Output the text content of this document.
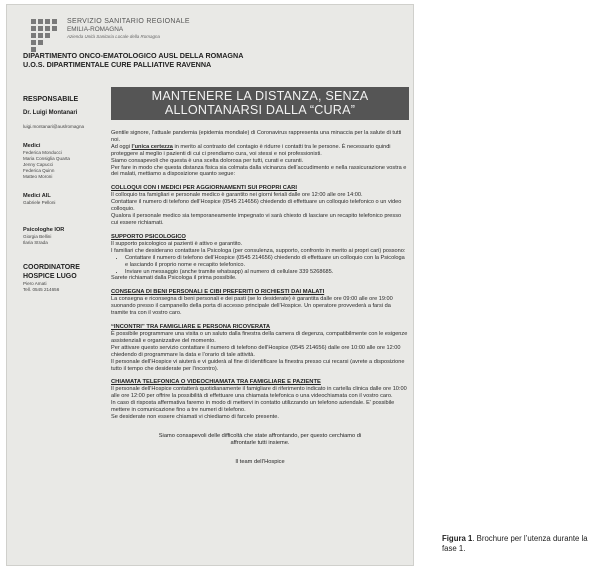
SERVIZIO SANITARIO REGIONALE
EMILIA-ROMAGNA
Azienda Unità Sanitaria Locale della Romagna
DIPARTIMENTO ONCO-EMATOLOGICO AUSL DELLA ROMAGNA
U.O.S. DIPARTIMENTALE CURE PALLIATIVE RAVENNA
RESPONSABILE
Dr. Luigi Montanari
luigi.montanari@auslromagna
Medici
Federica Monducci
Maria Consiglia Quarta
Jenny Capucci
Federica Quinn
Matteo Moroni
Medici AIL
Gabriele Pelloni
Psicologhe IOR
Giorgia Bellini
Ilaria Strada
COORDINATORE
HOSPICE LUGO
Piero Amati
Tell. 0545 214656
MANTENERE LA DISTANZA, SENZA
ALLONTANARSI DALLA “CURA”
Gentile signore, l’attuale pandemia (epidemia mondiale) di Coronavirus rappresenta una minaccia per la salute di tutti noi.
Ad oggi l’unica certezza in merito al contrasto del contagio è ridurre i contatti tra le persone. È necessario quindi proteggere al meglio i pazienti di cui ci prendiamo cura, voi stessi e noi professionisti.
Siamo consapevoli che questa è una scelta dolorosa per tutti, curati e curanti.
Per fare in modo che questa distanza fisica sia colmata dalla vicinanza dell’accudimento e nella rassicurazione vostra e dei malati, mettiamo a disposizione quanto segue:
COLLOQUI CON I MEDICI PER AGGIORNAMENTI SUI PROPRI CARI
Il colloquio tra famigliari e personale medico è garantito nei giorni feriali dalle ore 12:00 alle ore 14:00.
Contattare il numero di telefono dell’Hospice (0545 214656) chiedendo di effettuare un colloquio telefonico o un video colloquio.
Qualora il personale medico sia temporaneamente impegnato vi sarà chiesto di lasciare un recapito telefonico presso cui essere richiamati.
SUPPORTO PSICOLOGICO
Il supporto psicologico ai pazienti è attivo e garantito.
I familiari che desiderano contattare la Psicologa (per consulenza, supporto, confronto in merito ai propri cari) possono:
• Contattare il numero di telefono dell’Hospice (0545 214656) chiedendo di effettuare un colloquio con la Psicologa e lasciando il proprio nome e recapito telefonico.
• Inviare un messaggio (anche tramite whatsapp) al numero di cellulare 339 5268685.
Sarete richiamati dalla Psicologa il prima possibile.
CONSEGNA DI BENI PERSONALI E CIBI PREFERITI O RICHIESTI DAI MALATI
La consegna e riconsegna di beni personali e dei pasti (se lo desiderate) è garantita dalle ore 09:00 alle ore 19:00 suonando presso il campanello della porta di accesso principale dell’Hospice. Un operatore provvederà a farsi da tramite tra con il vostro caro.
“INCONTRI” TRA FAMIGLIARE E PERSONA RICOVERATA
È possibile programmare una visita o un saluto dalla finestra della camera di degenza, compatibilmente con le esigenze assistenziali e organizzative del momento.
Per attivare questo servizio contattare il numero di telefono dell’Hospice (0545 214656) dalle ore 10:00 alle ore 12:00 chiedendo di programmare la data e l’orario di tale attività.
Il personale dell’Hospice vi aiuterà e vi guiderà al fine di identificare la finestra presso cui recarsi (avrete a disposizione tutto il tempo che desiderate per l’incontro).
CHIAMATA TELEFONICA O VIDEOCHIAMATA TRA FAMIGLIARE E PAZIENTE
Il personale dell’Hospice contatterà quotidianamente il famigliare di riferimento indicato in cartella clinica dalle ore 10:00 alle ore 12:00 per offrire la possibilità di effettuare una chiamata telefonica o una videochiamata con il vostro caro.
In caso di risposta affermativa faremo in modo di mettervi in contatto utilizzando un telefono aziendale. E’ possibile mettere in comunicazione fino a tre numeri di telefono.
Se desiderate non essere chiamati vi chiediamo di farcelo presente.
Siamo consapevoli delle difficoltà che state affrontando, per questo cerchiamo di
affrontarle tutti insieme.
Il team dell’Hospice
Figura 1. Brochure per l’utenza durante la fase 1.
